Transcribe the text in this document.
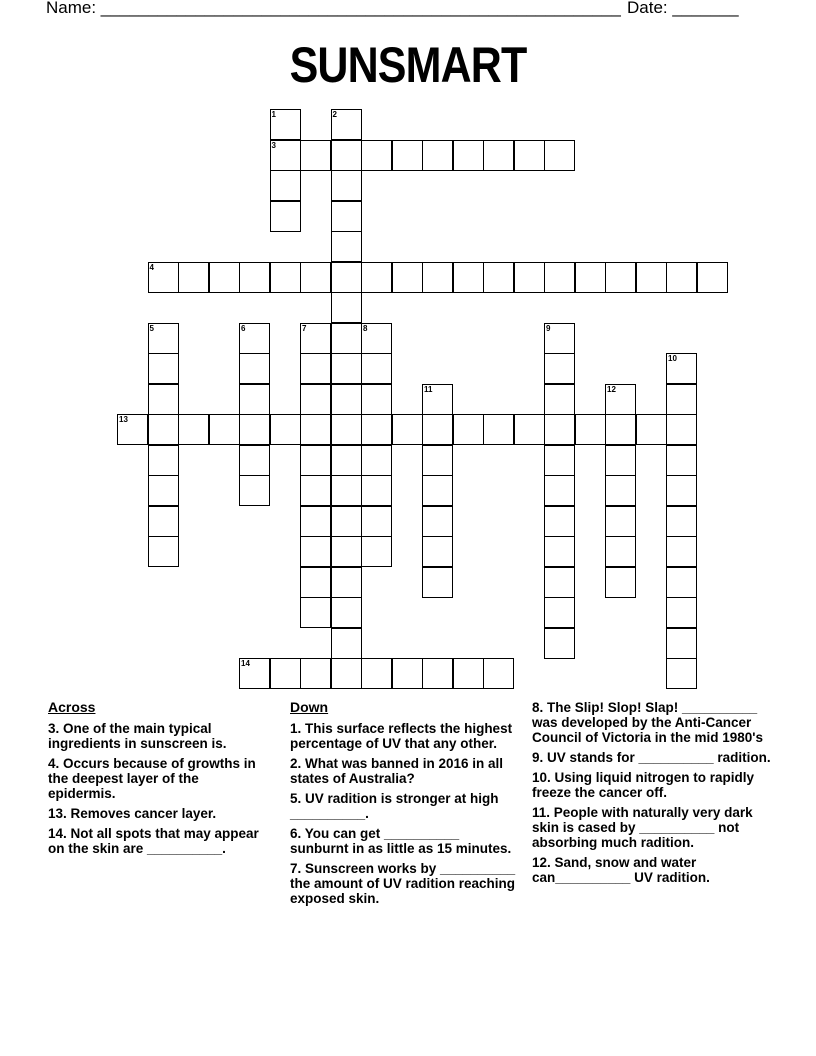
Name: _______________________________________________________ Date: _______
SUNSMART
1
3
2
4
5	6	7	8	9
10
11	12
13
14
Across
3. One of the main typical ingredients in sunscreen is.
4. Occurs because of growths in the deepest layer of the epidermis.
13. Removes cancer layer.
14. Not all spots that may appear on the skin are __________.
Down
1. This surface reflects the highest percentage of UV that any other.
2. What was banned in 2016 in all states of Australia?
5. UV radition is stronger at high __________.
6. You can get __________ sunburnt in as little as 15 minutes.
7. Sunscreen works by __________ the amount of UV radition reaching exposed skin.
8. The Slip! Slop! Slap! __________ was developed by the Anti-Cancer Council of Victoria in the mid 1980's
9. UV stands for __________ radition.
10. Using liquid nitrogen to rapidly freeze the cancer off.
11. People with naturally very dark skin is cased by __________ not absorbing much radition.
12. Sand, snow and water can__________ UV radition.
